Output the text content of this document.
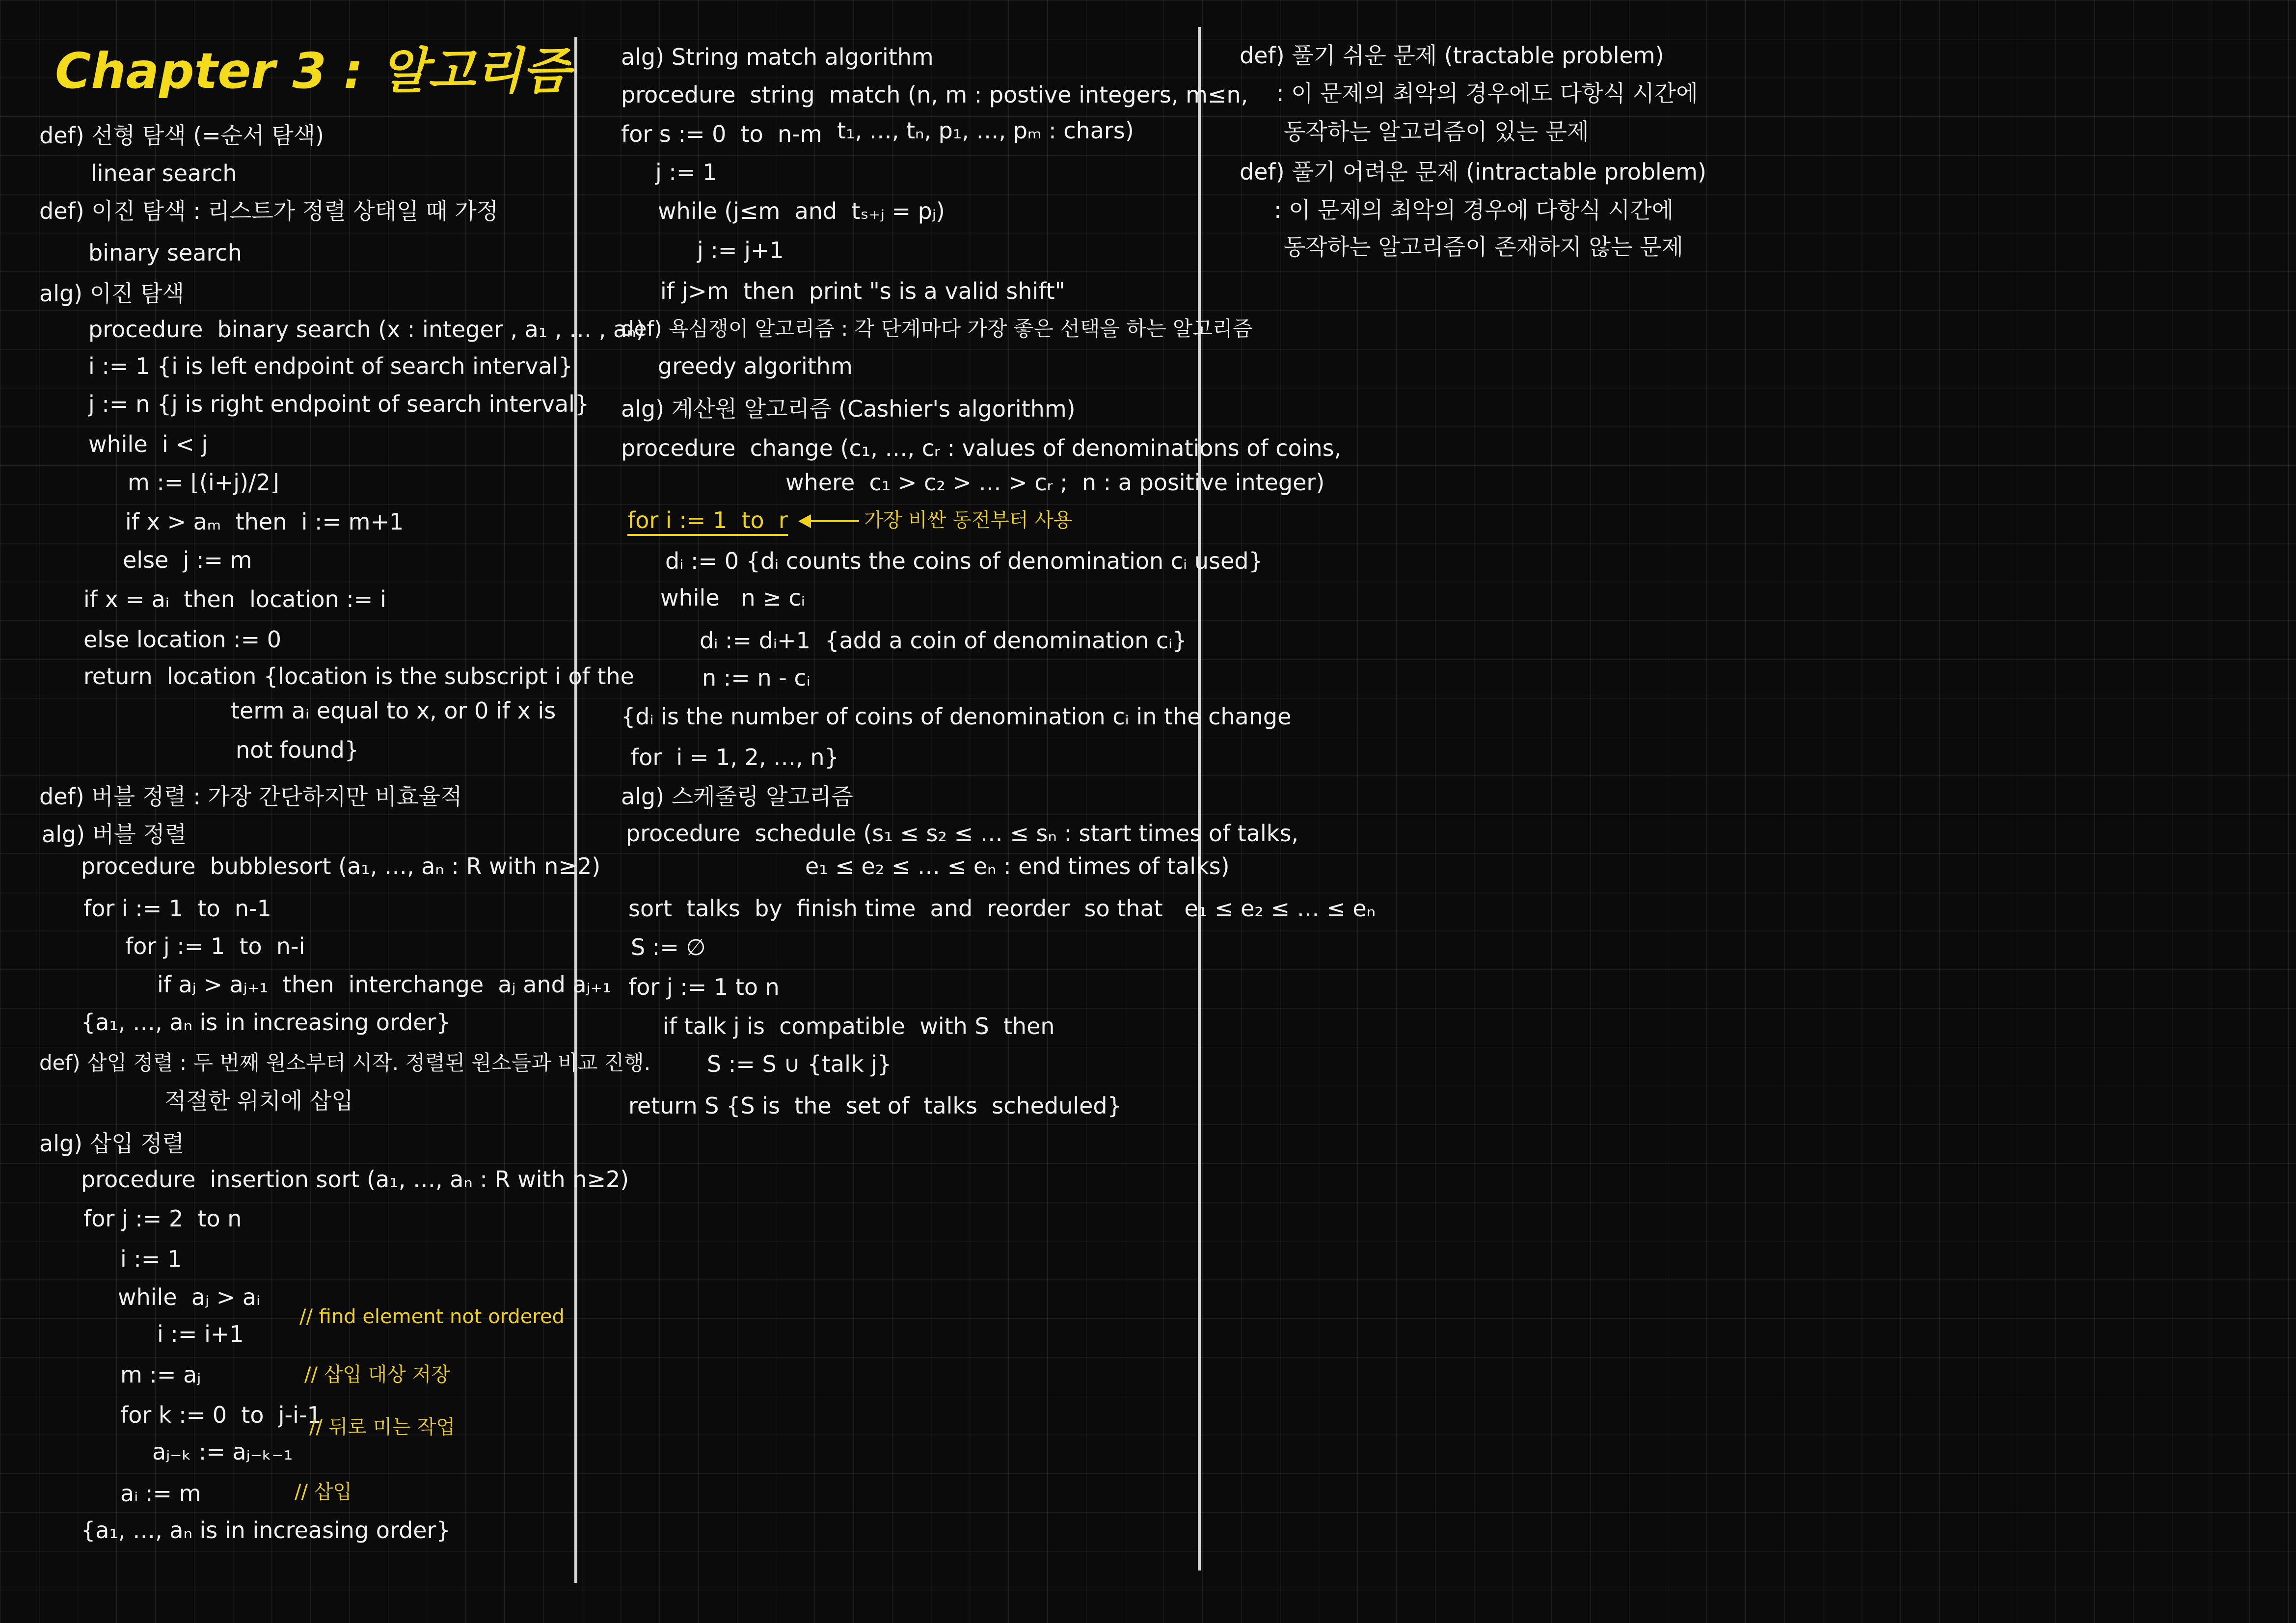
Chapter 3 : 알고리즘
def) 선형 탐색 (=순서 탐색)
linear search
def) 이진 탐색 : 리스트가 정렬 상태일 때 가정
binary search
alg) 이진 탐색
procedure  binary search (x : integer , a₁ , … , aₙ)
i := 1 {i is left endpoint of search interval}
j := n {j is right endpoint of search interval}
while  i < j
m := ⌊(i+j)/2⌋
if x > aₘ  then  i := m+1
else  j := m
if x = aᵢ  then  location := i
else location := 0
return  location {location is the subscript i of the
term aᵢ equal to x, or 0 if x is
not found}
def) 버블 정렬 : 가장 간단하지만 비효율적
alg) 버블 정렬
procedure  bubblesort (a₁, …, aₙ : R with n≥2)
for i := 1  to  n-1
for j := 1  to  n-i
if aⱼ > aⱼ₊₁  then  interchange  aⱼ and aⱼ₊₁
{a₁, …, aₙ is in increasing order}
def) 삽입 정렬 : 두 번째 원소부터 시작. 정렬된 원소들과 비교 진행.
적절한 위치에 삽입
alg) 삽입 정렬
procedure  insertion sort (a₁, …, aₙ : R with n≥2)
for j := 2  to n
i := 1
while  aⱼ > aᵢ
i := i+1
m := aⱼ
for k := 0  to  j-i-1
aⱼ₋ₖ := aⱼ₋ₖ₋₁
aᵢ := m
{a₁, …, aₙ is in increasing order}
// find element not ordered
// 삽입 대상 저장
// 뒤로 미는 작업
// 삽입
alg) String match algorithm
procedure  string  match (n, m : postive integers, m≤n,
for s := 0  to  n-m t₁, …, tₙ, p₁, …, pₘ : chars)
j := 1
while (j≤m  and  tₛ₊ⱼ = pⱼ)
j := j+1
if j>m  then  print "s is a valid shift"
def) 욕심쟁이 알고리즘 : 각 단계마다 가장 좋은 선택을 하는 알고리즘
greedy algorithm
alg) 계산원 알고리즘 (Cashier's algorithm)
procedure  change (c₁, …, cᵣ : values of denominations of coins,
where  c₁ > c₂ > … > cᵣ ;  n : a positive integer)
for i := 1  to  r	가장 비싼 동전부터 사용
dᵢ := 0 {dᵢ counts the coins of denomination cᵢ used}
while   n ≥ cᵢ
dᵢ := dᵢ+1  {add a coin of denomination cᵢ}
n := n - cᵢ
{dᵢ is the number of coins of denomination cᵢ in the change
for  i = 1, 2, …, n}
alg) 스케줄링 알고리즘
procedure  schedule (s₁ ≤ s₂ ≤ … ≤ sₙ : start times of talks,
e₁ ≤ e₂ ≤ … ≤ eₙ : end times of talks)
sort  talks  by  finish time  and  reorder  so that   e₁ ≤ e₂ ≤ … ≤ eₙ
S := ∅
for j := 1 to n
if talk j is  compatible  with S  then
S := S ∪ {talk j}
return S {S is  the  set of  talks  scheduled}
def) 풀기 쉬운 문제 (tractable problem)
: 이 문제의 최악의 경우에도 다항식 시간에
동작하는 알고리즘이 있는 문제
def) 풀기 어려운 문제 (intractable problem)
: 이 문제의 최악의 경우에 다항식 시간에
동작하는 알고리즘이 존재하지 않는 문제
